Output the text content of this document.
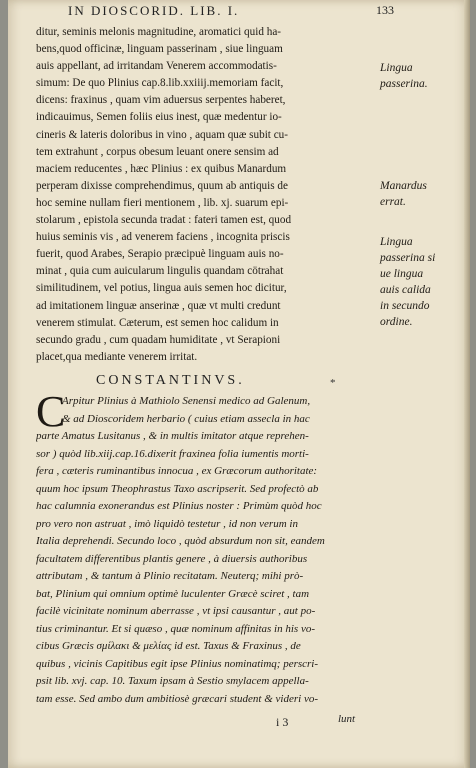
IN DIOSCORID. LIB. I.	133
ditur, seminis melonis magnitudine, aromatici quid ha-
bens,quod officinæ, linguam passerinam , siue linguam
auis appellant, ad irritandam Venerem accommodatis-
simum: De quo Plinius cap.8.lib.xxiiij.memoriam facit,
dicens: fraxinus , quam vim aduersus serpentes haberet,
indicauimus, Semen foliis eius inest, quæ medentur io-
cineris & lateris doloribus in vino , aquam quæ subit cu-
tem extrahunt , corpus obesum leuant onere sensim ad
maciem reducentes , hæc Plinius : ex quibus Manardum
perperam dixisse comprehendimus, quum ab antiquis de
hoc semine nullam fieri mentionem , lib. xj. suarum epi-
stolarum , epistola secunda tradat : fateri tamen est, quod
huius seminis vis , ad venerem faciens , incognita priscis
fuerit, quod Arabes, Serapio præcipuè linguam auis no-
minat , quia cum auicularum lingulis quandam cötrahat
similitudinem, vel potius, lingua auis semen hoc dicitur,
ad imitationem linguæ anserinæ , quæ vt multi credunt
venerem stimulat. Cæterum, est semen hoc calidum in
secundo gradu , cum quadam humiditate , vt Serapioni
placet,qua mediante venerem irritat.
CONSTANTINVS.	*
C
Arpitur Plinius à Mathiolo Senensi medico ad Galenum,
& ad Dioscoridem herbario ( cuius etiam assecla in hac
parte Amatus Lusitanus , & in multis imitator atque reprehen-
sor ) quòd lib.xiij.cap.16.dixerit fraxinea folia iumentis morti-
fera , cæteris ruminantibus innocua , ex Græcorum authoritate:
quum hoc ipsum Theophrastus Taxo ascripserit. Sed profectò ab
hac calumnia exonerandus est Plinius noster : Primùm quòd hoc
pro vero non astruat , imò liquidò testetur , id non verum in
Italia deprehendi. Secundo loco , quòd absurdum non sit, eandem
facultatem differentibus plantis genere , à diuersis authoribus
attributam , & tantum à Plinio recitatam. Neuterq; mihi prò-
bat, Plinium qui omnium optimè luculenter Græcè sciret , tam
facilè vicinitate nominum aberrasse , vt ipsi causantur , aut po-
tius criminantur. Et si quæso , quæ nominum affinitas in his vo-
cibus Græcis σμίλακι & μελίας id est. Taxus & Fraxinus , de
quibus , vicinis Capitibus egit ipse Plinius nominatimq; perscri-
psit lib. xvj. cap. 10. Taxum ipsam à Sestio smylacem appella-
tam esse. Sed ambo dum ambitiosè græcari student & videri vo-
Lingua
passerina.
Manardus
errat.
Lingua
passerina si
ue lingua
auis calida
in secundo
ordine.
i 3	lunt
